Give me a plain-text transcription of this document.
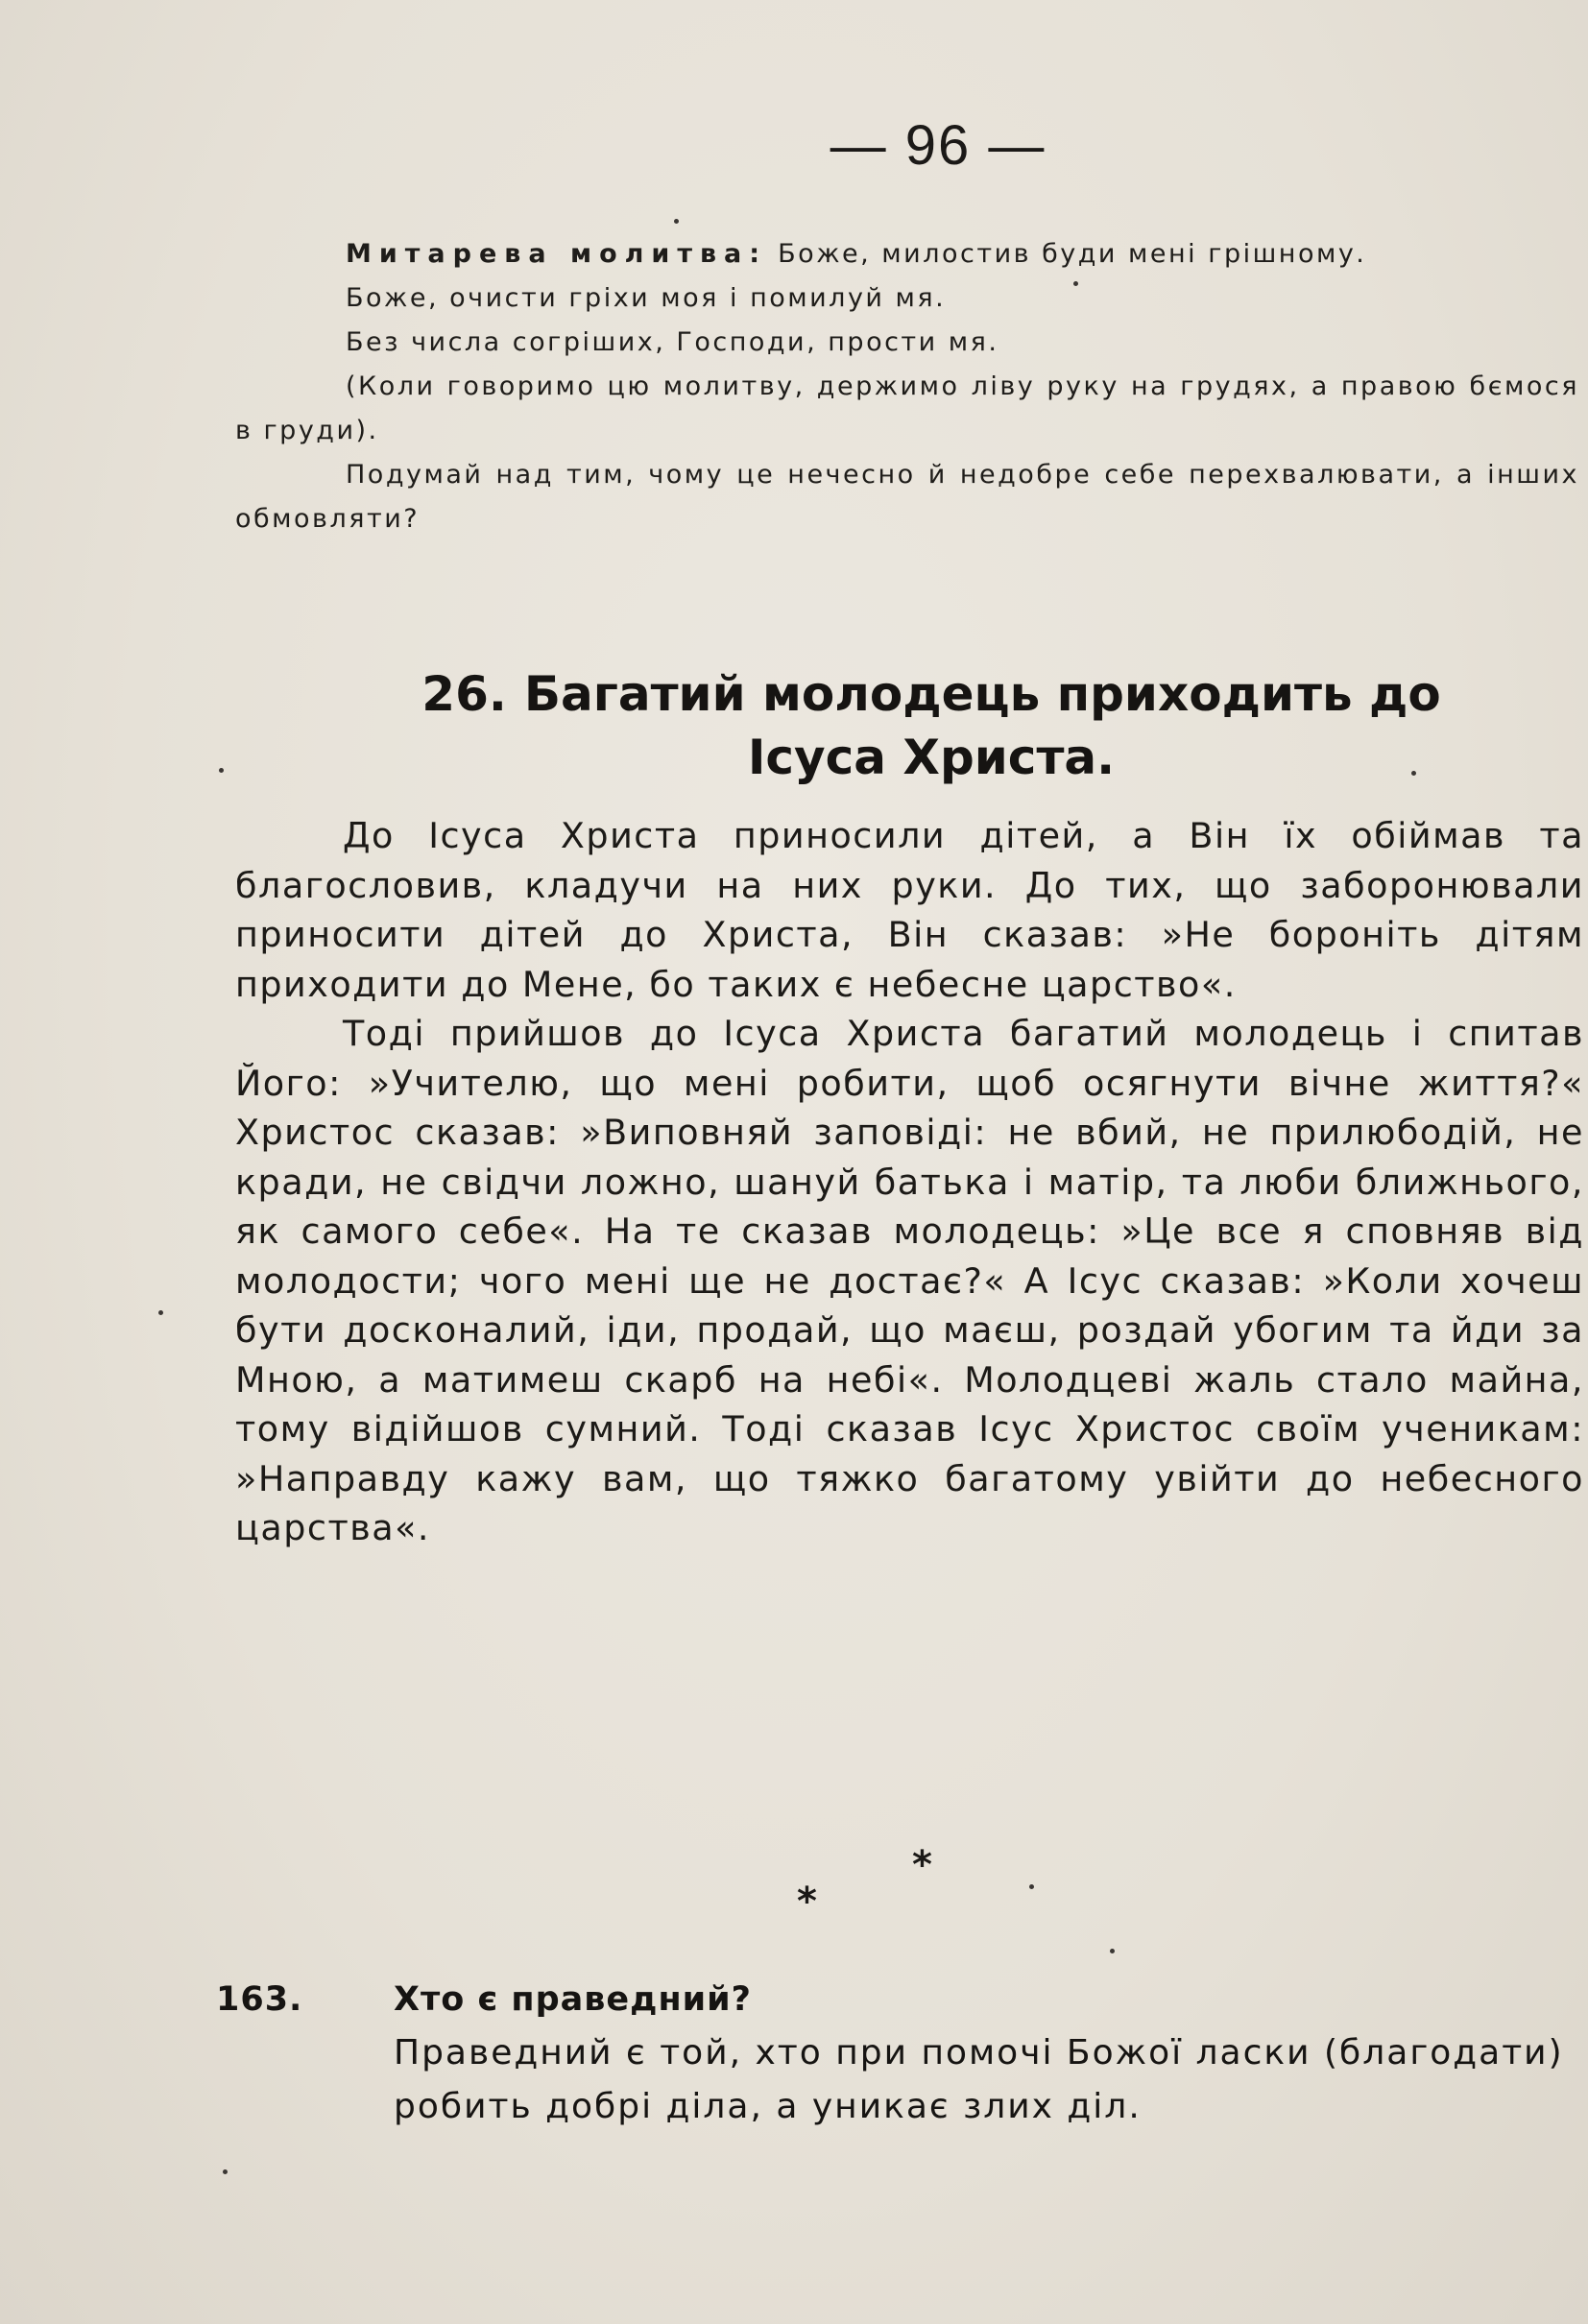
— 96 —

Митарева молитва: Боже, милостив буди мені грішному.

Боже, очисти гріхи моя і помилуй мя.

Без числа согріших, Господи, прости мя.

(Коли говоримо цю молитву, держимо ліву руку на грудях, а правою бємося в груди).

Подумай над тим, чому це нечесно й недобре себе перехвалювати, а інших обмовляти?

26. Багатий молодець приходить до Ісуса Христа.

До Ісуса Христа приносили дітей, а Він їх обіймав та благословив, кладучи на них руки. До тих, що заборонювали приносити дітей до Христа, Він сказав: »Не бороніть дітям приходити до Мене, бо таких є небесне царство«.

Тоді прийшов до Ісуса Христа багатий молодець і спитав Його: »Учителю, що мені робити, щоб осягнути вічне життя?« Христос сказав: »Виповняй заповіді: не вбий, не прилюбодій, не кради, не свідчи ложно, шануй батька і матір, та люби ближнього, як самого себе«. На те сказав молодець: »Це все я сповняв від молодости; чого мені ще не достає?« А Ісус сказав: »Коли хочеш бути досконалий, іди, продай, що маєш, роздай убогим та йди за Мною, а матимеш скарб на небі«. Молодцеві жаль стало майна, тому відійшов сумний. Тоді сказав Ісус Христос своїм ученикам: »Направду кажу вам, що тяжко багатому увійти до небесного царства«.

*
*
163.	Хто є праведний?
Праведний є той, хто при помочі Божої ласки (благодати) робить добрі діла, а уникає злих діл.
